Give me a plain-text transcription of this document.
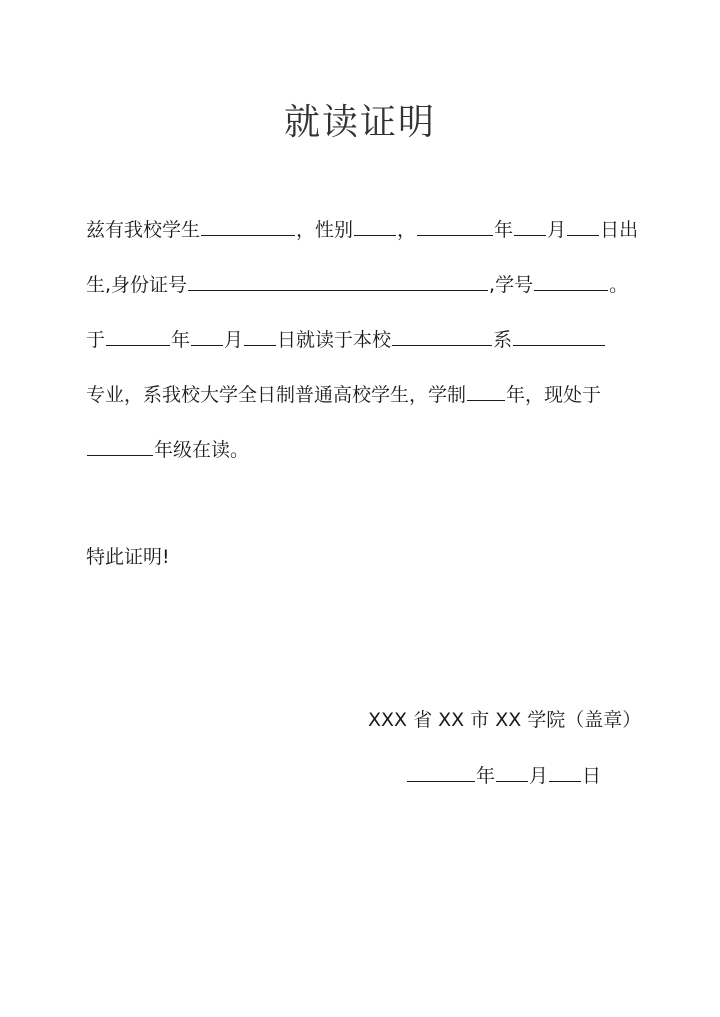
就读证明
兹有我校学生	，性别 ，	年 月 日出
生,身份证号	,学号	。
于	年 月 日就读于本校	系
专业，系我校大学全日制普通高校学生，学制 年，现处于
年级在读。
特此证明!
XXX 省 XX 市 XX 学院（盖章）
年 月 日
